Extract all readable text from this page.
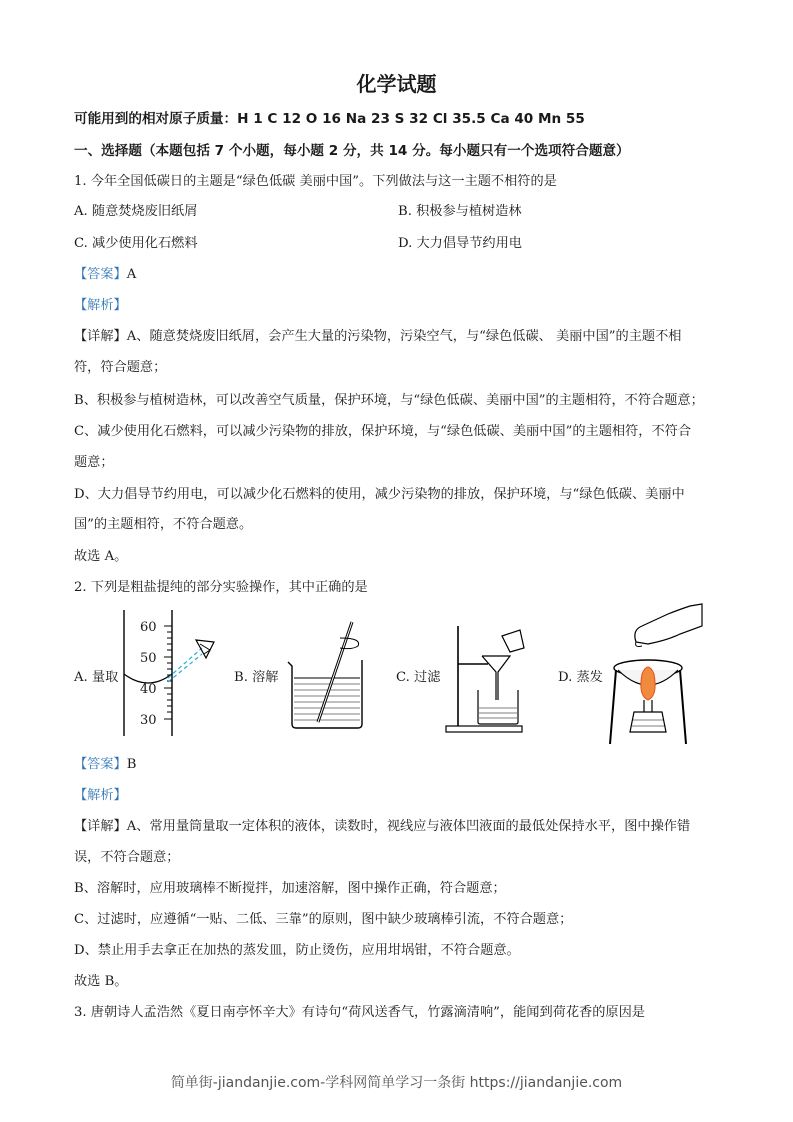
化学试题
可能用到的相对原子质量：H 1 C 12 O 16 Na 23 S 32 Cl 35.5 Ca 40 Mn 55
一、选择题（本题包括 7 个小题，每小题 2 分，共 14 分。每小题只有一个选项符合题意）
1. 今年全国低碳日的主题是“绿色低碳 美丽中国”。下列做法与这一主题不相符的是
A. 随意焚烧废旧纸屑	B. 积极参与植树造林
C. 减少使用化石燃料	D. 大力倡导节约用电
【答案】A
【解析】
【详解】A、随意焚烧废旧纸屑，会产生大量的污染物，污染空气，与“绿色低碳、 美丽中国”的主题不相
符，符合题意；
B、积极参与植树造林，可以改善空气质量，保护环境，与“绿色低碳、美丽中国”的主题相符，不符合题意；
C、减少使用化石燃料，可以减少污染物的排放，保护环境，与“绿色低碳、美丽中国”的主题相符，不符合
题意；
D、大力倡导节约用电，可以减少化石燃料的使用，减少污染物的排放，保护环境，与“绿色低碳、美丽中
国”的主题相符，不符合题意。
故选 A。
2. 下列是粗盐提纯的部分实验操作，其中正确的是
A. 量取	B. 溶解	C. 过滤	D. 蒸发
60
50
40
30
【答案】B
【解析】
【详解】A、常用量筒量取一定体积的液体，读数时，视线应与液体凹液面的最低处保持水平，图中操作错
误，不符合题意；
B、溶解时，应用玻璃棒不断搅拌，加速溶解，图中操作正确，符合题意；
C、过滤时，应遵循“一贴、二低、三靠”的原则，图中缺少玻璃棒引流，不符合题意；
D、禁止用手去拿正在加热的蒸发皿，防止烫伤，应用坩埚钳，不符合题意。
故选 B。
3. 唐朝诗人孟浩然《夏日南亭怀辛大》有诗句“荷风送香气，竹露滴清响”，能闻到荷花香的原因是
简单街-jiandanjie.com-学科网简单学习一条街 https://jiandanjie.com
